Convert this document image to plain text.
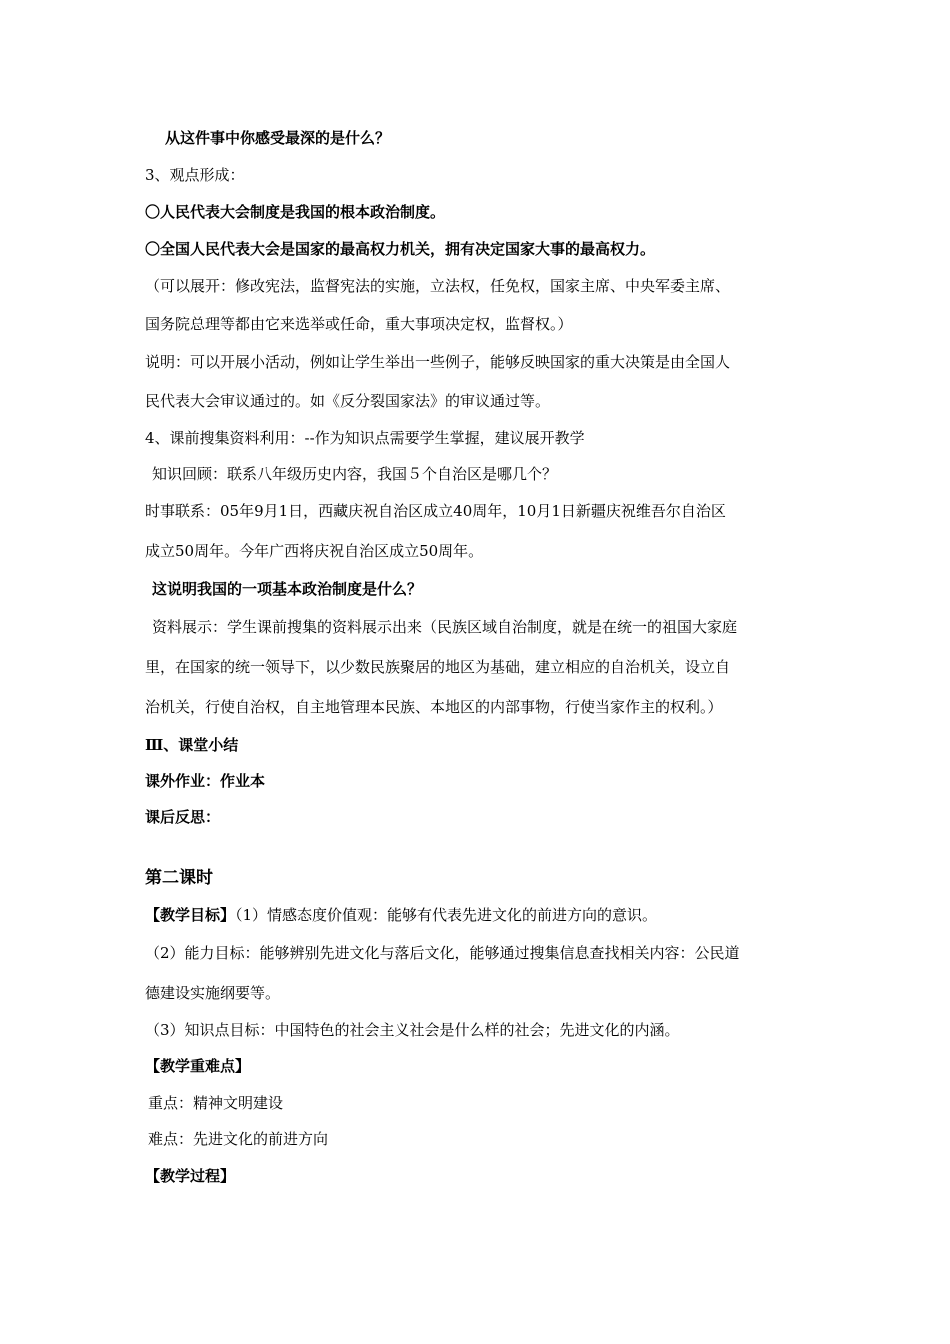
从这件事中你感受最深的是什么？
3、观点形成：
〇人民代表大会制度是我国的根本政治制度。
〇全国人民代表大会是国家的最高权力机关，拥有决定国家大事的最高权力。
（可以展开：修改宪法，监督宪法的实施，立法权，任免权，国家主席、中央军委主席、
国务院总理等都由它来选举或任命，重大事项决定权，监督权。）
说明：可以开展小活动，例如让学生举出一些例子，能够反映国家的重大决策是由全国人
民代表大会审议通过的。如《反分裂国家法》的审议通过等。
4、课前搜集资料利用：--作为知识点需要学生掌握，建议展开教学
知识回顾：联系八年级历史内容，我国５个自治区是哪几个？
时事联系：05年9月1日，西藏庆祝自治区成立40周年，10月1日新疆庆祝维吾尔自治区
成立50周年。今年广西将庆祝自治区成立50周年。
这说明我国的一项基本政治制度是什么？
资料展示：学生课前搜集的资料展示出来（民族区域自治制度，就是在统一的祖国大家庭
里，在国家的统一领导下，以少数民族聚居的地区为基础，建立相应的自治机关，设立自
治机关，行使自治权，自主地管理本民族、本地区的内部事物，行使当家作主的权利。）
Ⅲ、课堂小结
课外作业：作业本
课后反思：
第二课时
【教学目标】（1）情感态度价值观：能够有代表先进文化的前进方向的意识。
（2）能力目标：能够辨别先进文化与落后文化，能够通过搜集信息查找相关内容：公民道
德建设实施纲要等。
（3）知识点目标：中国特色的社会主义社会是什么样的社会；先进文化的内涵。
【教学重难点】
重点：精神文明建设
难点：先进文化的前进方向
【教学过程】
